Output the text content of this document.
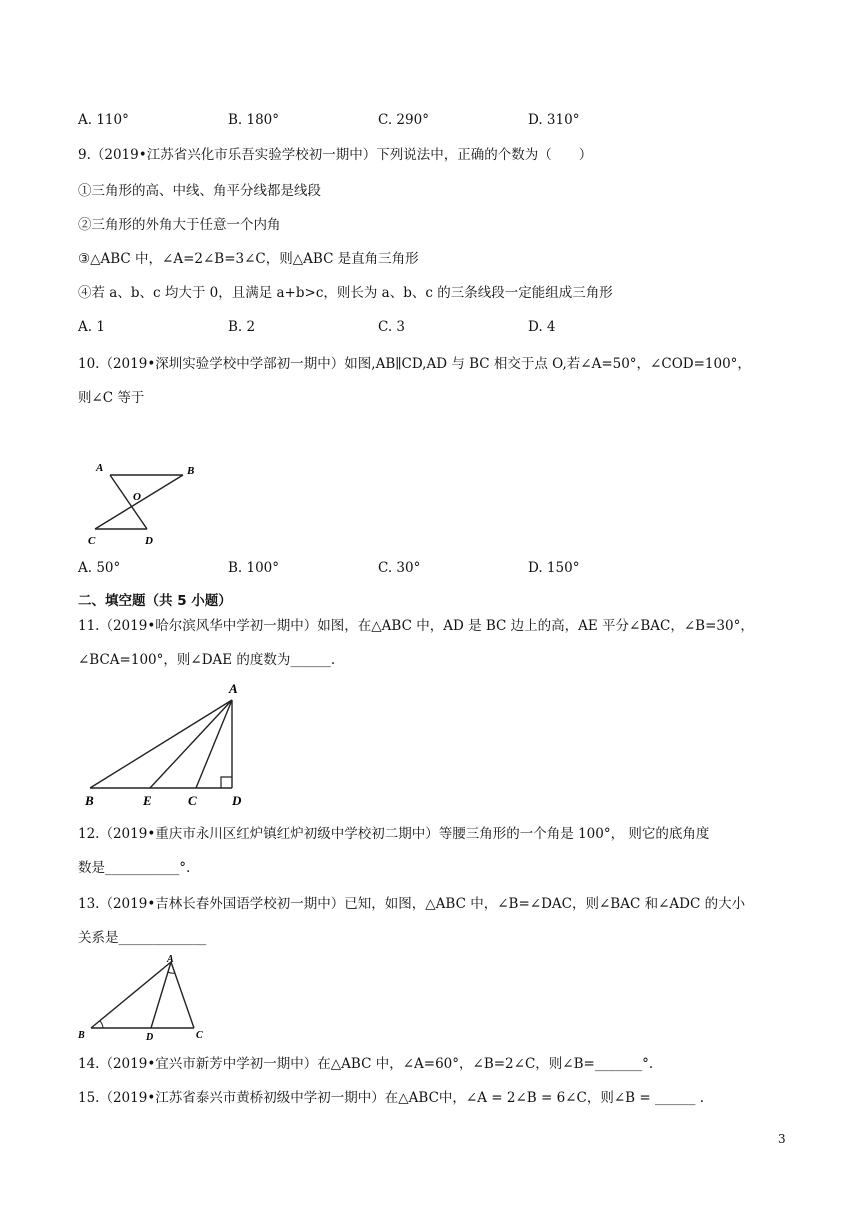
A. 110°	B. 180°	C. 290°	D. 310°
9.（2019•江苏省兴化市乐吾实验学校初一期中）下列说法中，正确的个数为（　　）
①三角形的高、中线、角平分线都是线段
②三角形的外角大于任意一个内角
③△ABC 中，∠A=2∠B=3∠C，则△ABC 是直角三角形
④若 a、b、c 均大于 0，且满足 a+b>c，则长为 a、b、c 的三条线段一定能组成三角形
A. 1	B. 2	C. 3	D. 4
10.（2019•深圳实验学校中学部初一期中）如图,AB∥CD,AD 与 BC 相交于点 O,若∠A=50°，∠COD=100°，
则∠C 等于
A	B
O
C	D
A. 50°	B. 100°	C. 30°	D. 150°
二、填空题（共 5 小题）
11.（2019•哈尔滨风华中学初一期中）如图，在△ABC 中，AD 是 BC 边上的高，AE 平分∠BAC，∠B=30°，
∠BCA=100°，则∠DAE 的度数为______.
A
B	E	C	D
12.（2019•重庆市永川区红炉镇红炉初级中学校初二期中）等腰三角形的一个角是 100°， 则它的底角度
数是___________°.
13.（2019•吉林长春外国语学校初一期中）已知，如图，△ABC 中，∠B=∠DAC，则∠BAC 和∠ADC 的大小
关系是_____________
A
B	D	C
14.（2019•宜兴市新芳中学初一期中）在△ABC 中，∠A=60°，∠B=2∠C，则∠B=_______°.
15.（2019•江苏省泰兴市黄桥初级中学初一期中）在△ABC中，∠A = 2∠B = 6∠C，则∠B = ______ .
3
